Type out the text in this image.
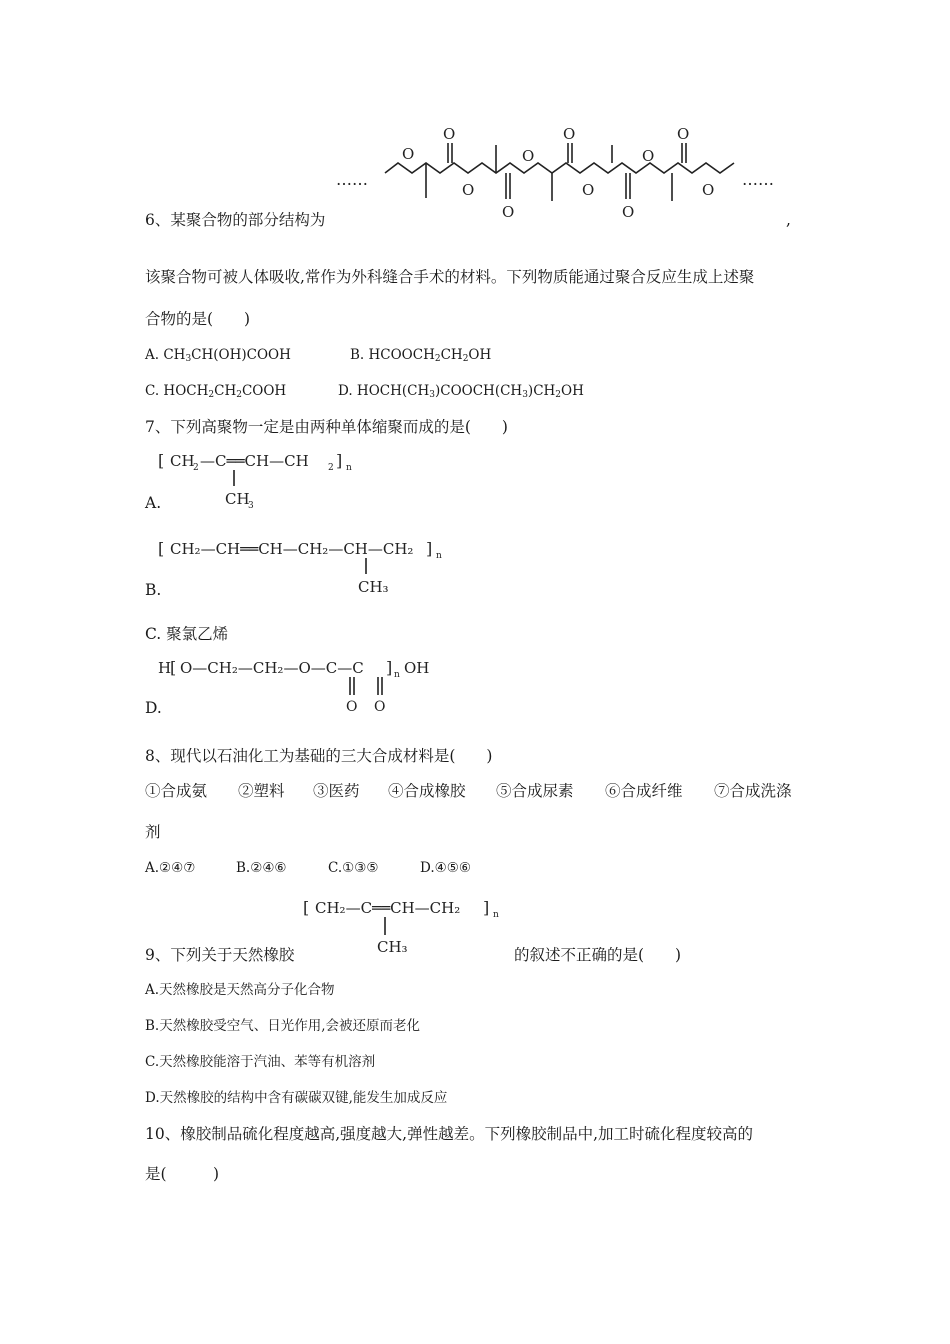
……
O
O
O
O
O
O
O	O	O
O	O
……
6、某聚合物的部分结构为	,
该聚合物可被人体吸收,常作为外科缝合手术的材料。下列物质能通过聚合反应生成上述聚
合物的是(　　)
A. $CH_3CH(OH)COOH$	B. $HCOOCH_2CH_2OH$
C. $HOCH_2CH_2COOH$	D. $HOCH(CH_3)COOCH(CH_3)CH_2OH$
7、下列高聚物一定是由两种单体缩聚而成的是(　　)
[ CH
2 —C══CH—CH 2 ] n
CH
3
A.
[ CH₂—CH══CH—CH₂—CH—CH₂ ] n
CH₃
B.
C. 聚氯乙烯
H
[ O—CH₂—CH₂—O—C—C ] n OH
O O
D.
8、现代以石油化工为基础的三大合成材料是(　　)
①合成氨 ②塑料 ③医药 ④合成橡胶 ⑤合成尿素 ⑥合成纤维 ⑦合成洗涤
剂
A.②④⑦	B.②④⑥	C.①③⑤	D.④⑤⑥
[ CH₂—C══CH—CH₂ ] n
CH₃
9、下列关于天然橡胶	的叙述不正确的是(　　)
A.天然橡胶是天然高分子化合物
B.天然橡胶受空气、日光作用,会被还原而老化
C.天然橡胶能溶于汽油、苯等有机溶剂
D.天然橡胶的结构中含有碳碳双键,能发生加成反应
10、橡胶制品硫化程度越高,强度越大,弹性越差。下列橡胶制品中,加工时硫化程度较高的
是(　　　)
